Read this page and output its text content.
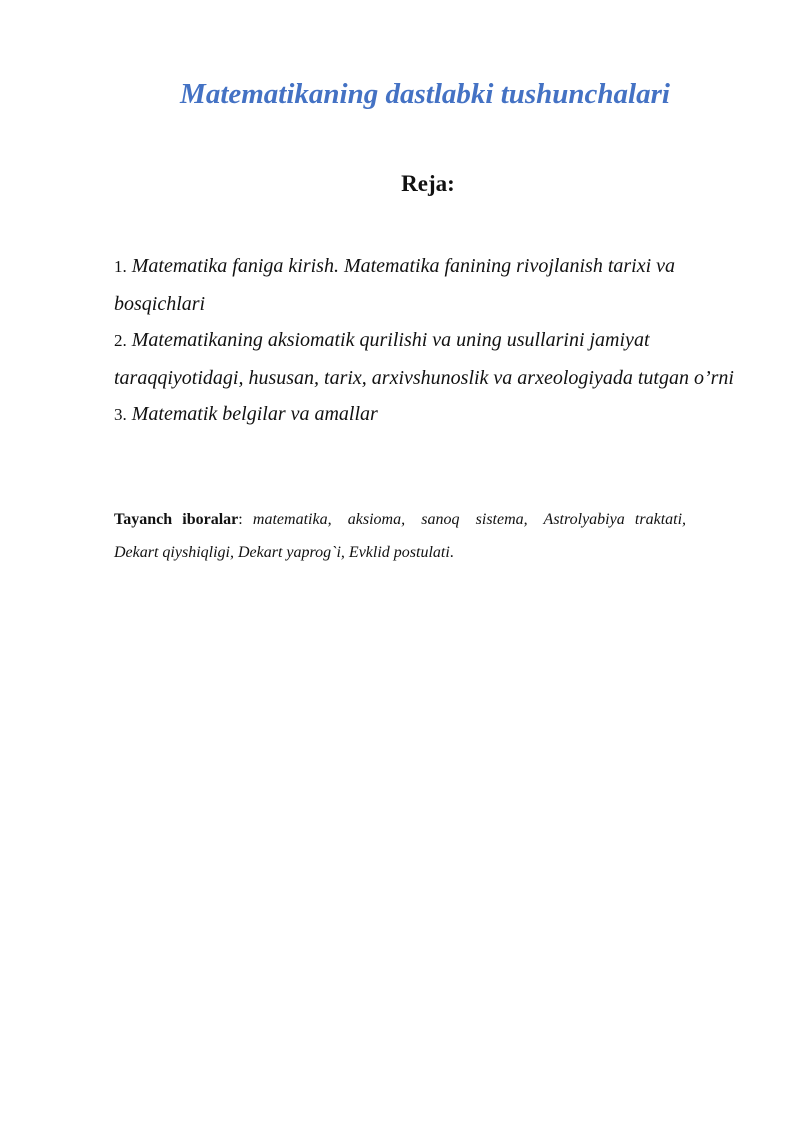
Matematikaning dastlabki tushunchalari
Reja:
1. Matematika faniga kirish. Matematika fanining rivojlanish tarixi va bosqichlari
2. Matematikaning aksiomatik qurilishi va uning usullarini jamiyat taraqqiyotidagi, hususan, tarix, arxivshunoslik va arxeologiyada tutgan o’rni
3. Matematik belgilar va amallar
Tayanch iboralar: matematika, aksioma, sanoq sistema, Astrolyabiya traktati, Dekart qiyshiqligi, Dekart yaprog`i, Evklid postulati.
